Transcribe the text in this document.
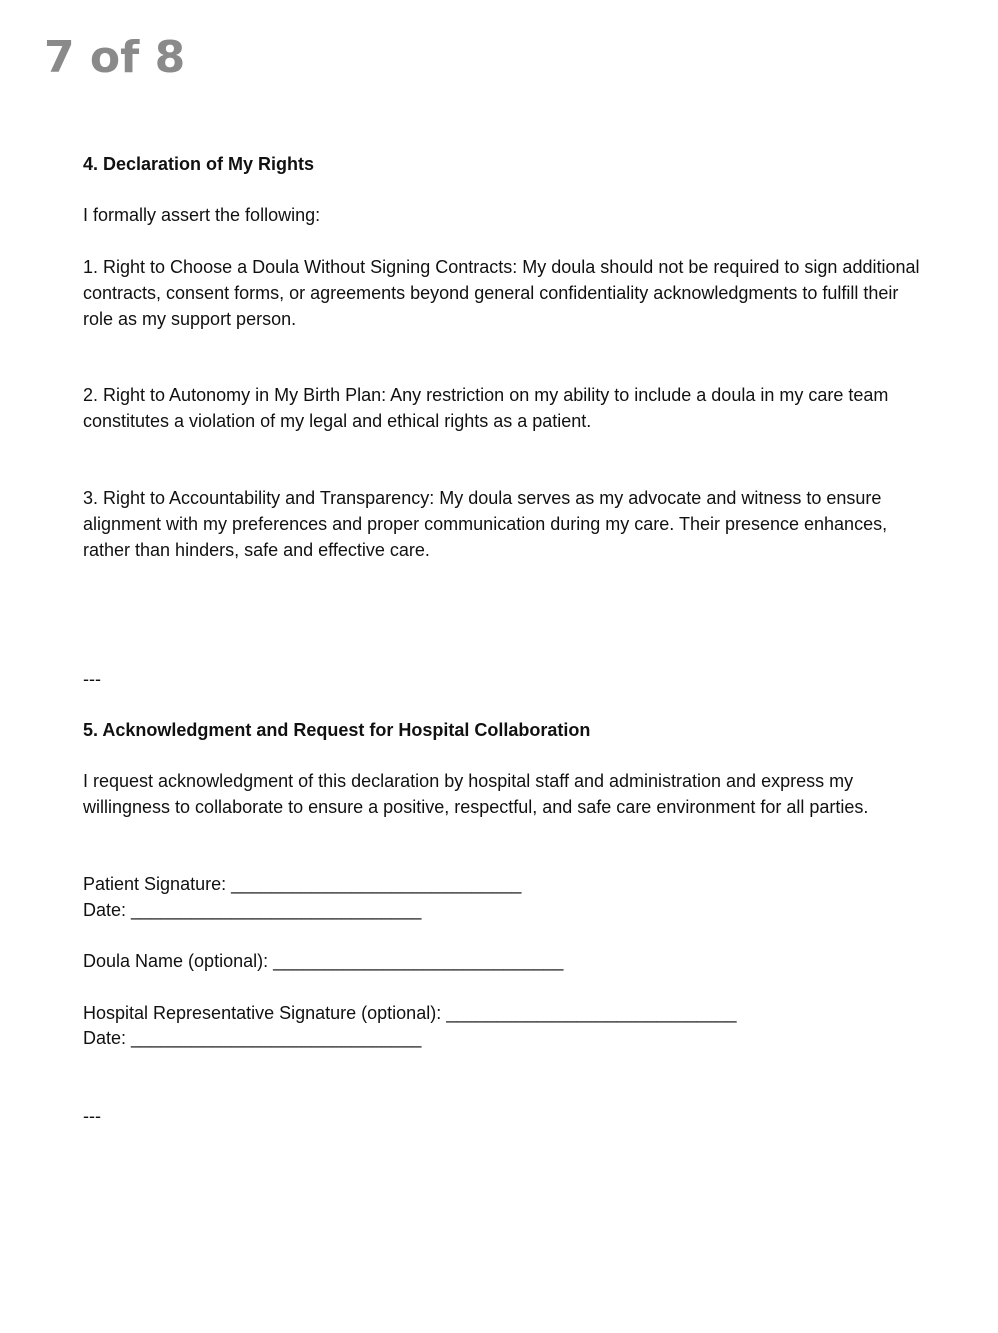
7 of 8

4. Declaration of My Rights

I formally assert the following:

1. Right to Choose a Doula Without Signing Contracts: My doula should not be required to sign additional contracts, consent forms, or agreements beyond general confidentiality acknowledgments to fulfill their role as my support person.

2. Right to Autonomy in My Birth Plan: Any restriction on my ability to include a doula in my care team constitutes a violation of my legal and ethical rights as a patient.

3. Right to Accountability and Transparency: My doula serves as my advocate and witness to ensure alignment with my preferences and proper communication during my care. Their presence enhances, rather than hinders, safe and effective care.

---

5. Acknowledgment and Request for Hospital Collaboration

I request acknowledgment of this declaration by hospital staff and administration and express my willingness to collaborate to ensure a positive, respectful, and safe care environment for all parties.

Patient Signature: _____________________________

Date: _____________________________

Doula Name (optional): _____________________________

Hospital Representative Signature (optional): _____________________________

Date: _____________________________

---
